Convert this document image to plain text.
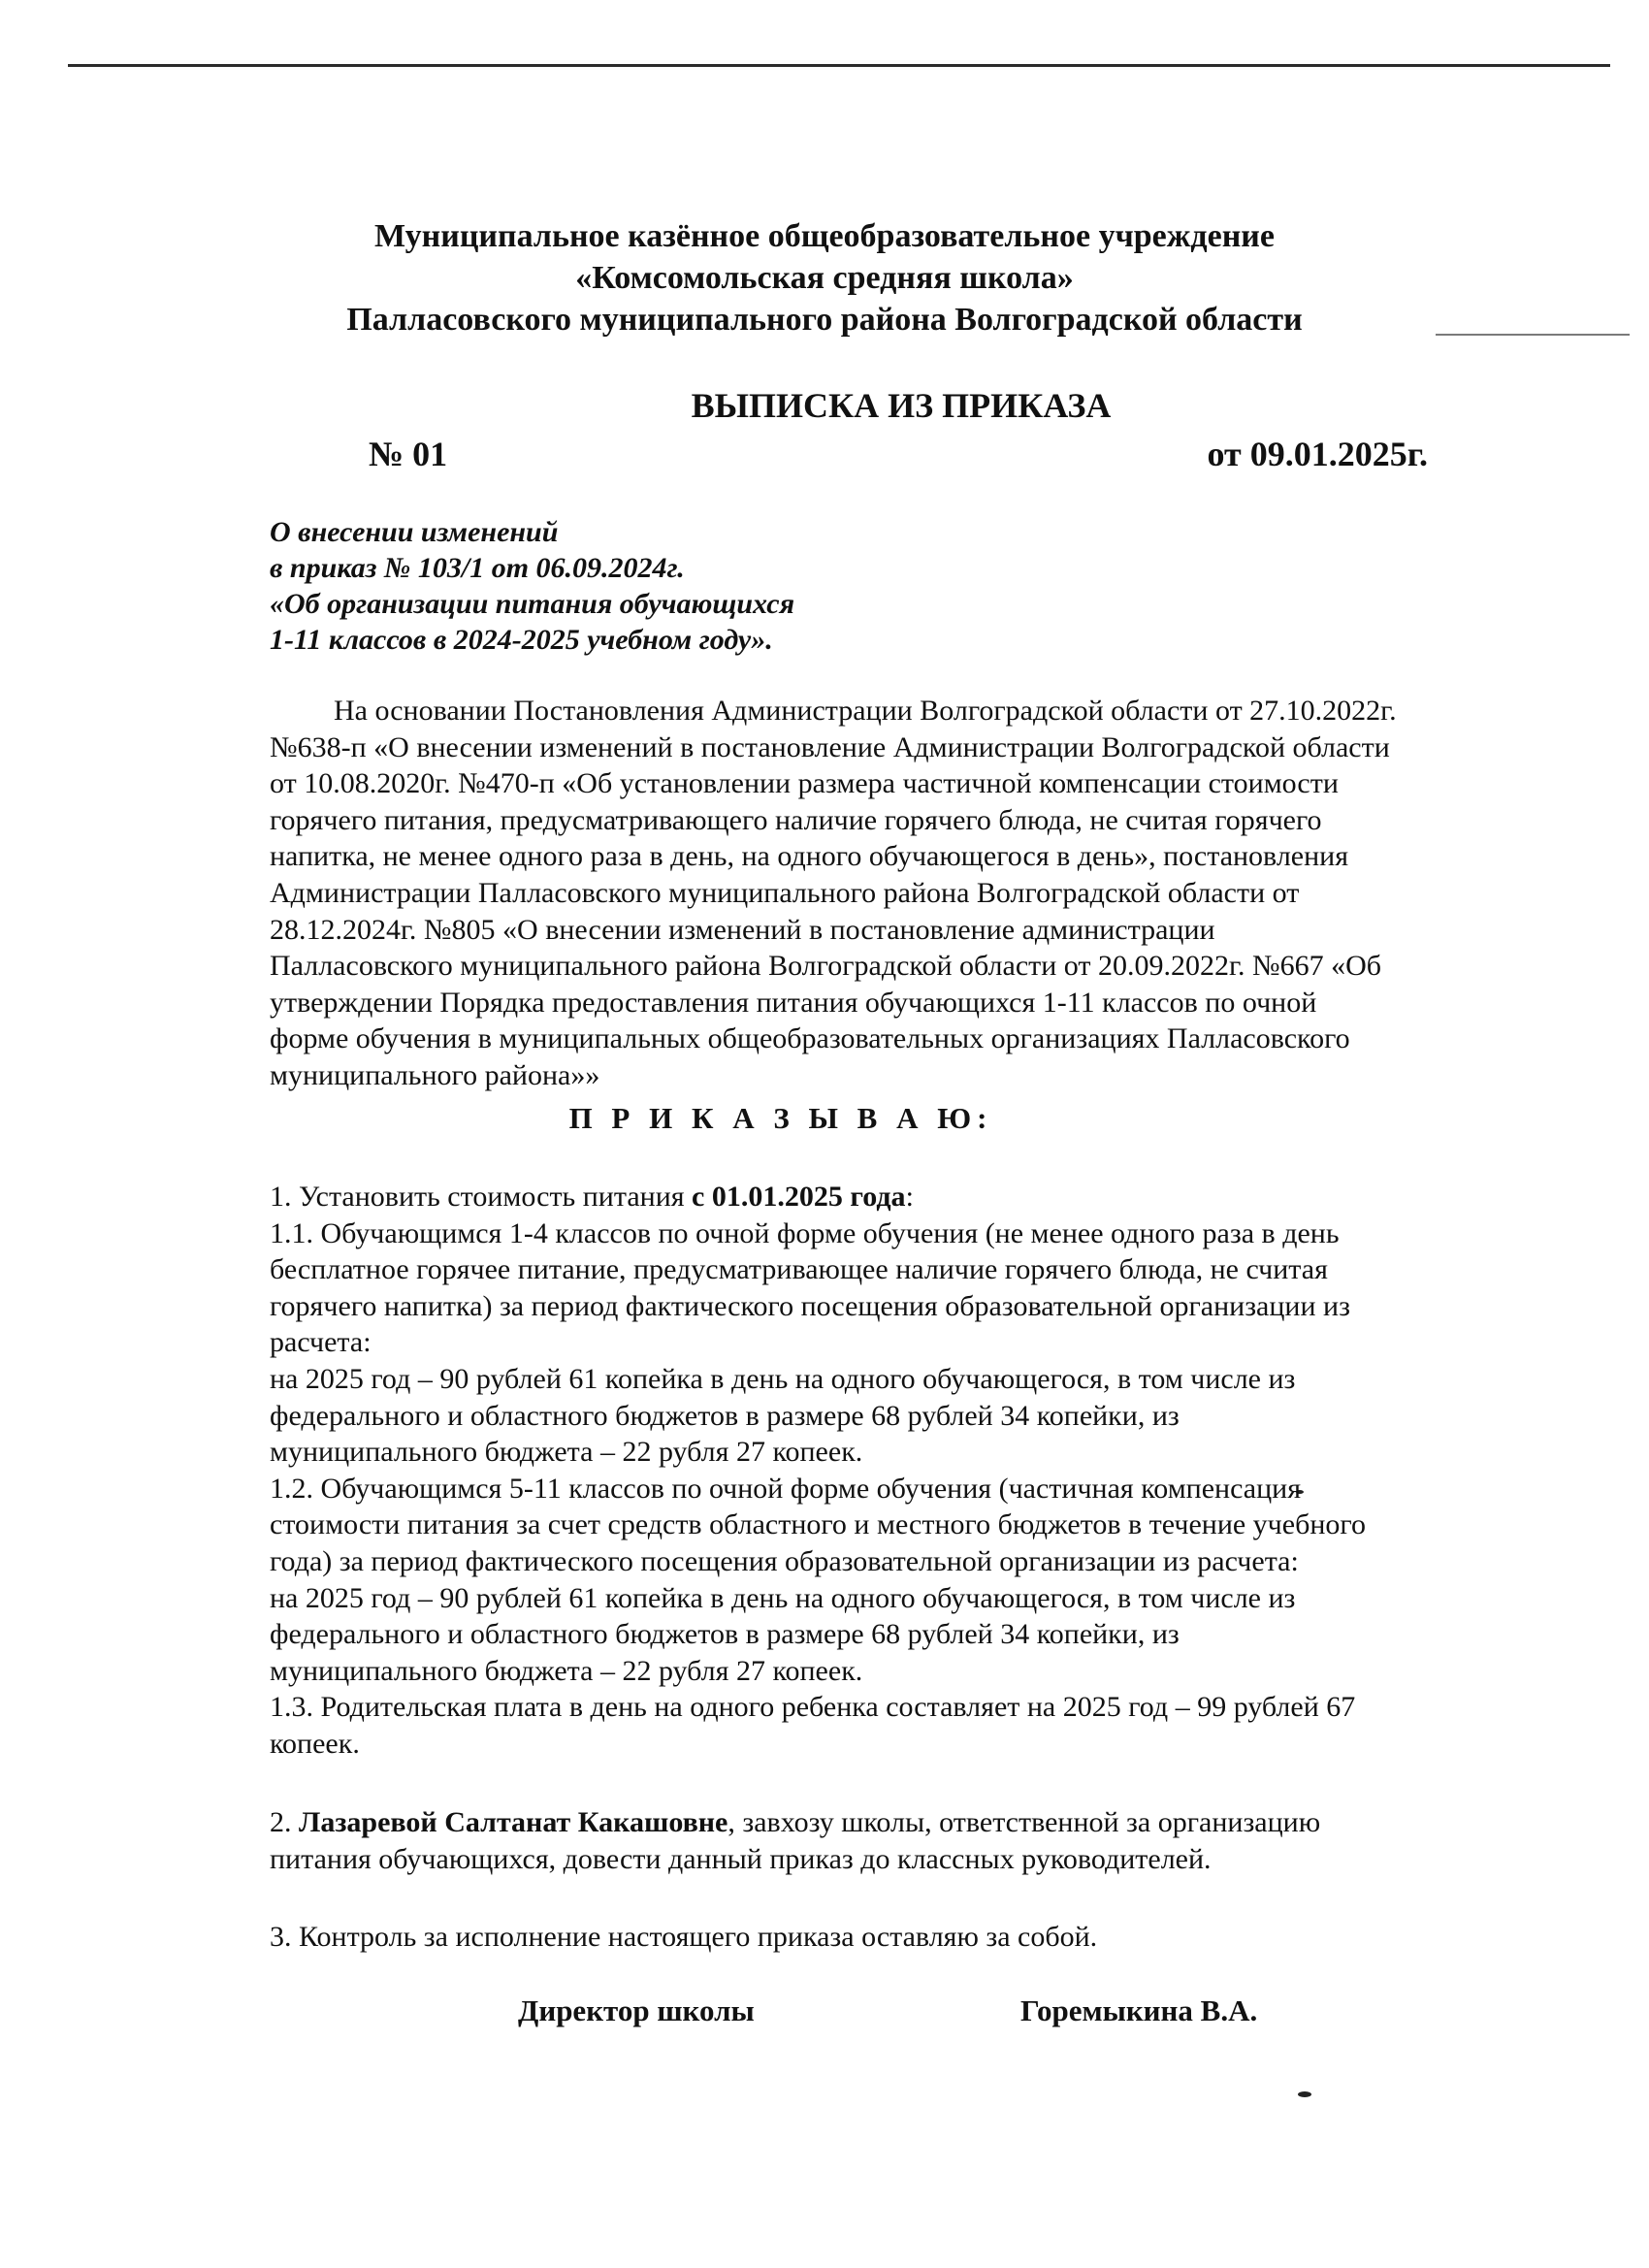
Муниципальное казённое общеобразовательное учреждение
«Комсомольская средняя школа»
Палласовского муниципального района Волгоградской области
ВЫПИСКА ИЗ ПРИКАЗА
№ 01	от 09.01.2025г.
О внесении изменений
в приказ № 103/1 от 06.09.2024г.
«Об организации питания обучающихся
1-11 классов в 2024-2025 учебном году».

На основании Постановления Администрации Волгоградской области от 27.10.2022г.

№638-п «О внесении изменений в постановление Администрации Волгоградской области

от 10.08.2020г. №470-п «Об установлении размера частичной компенсации стоимости

горячего питания, предусматривающего наличие горячего блюда, не считая горячего

напитка, не менее одного раза в день, на одного обучающегося в день», постановления

Администрации Палласовского муниципального района Волгоградской области от

28.12.2024г. №805 «О внесении изменений в постановление администрации

Палласовского муниципального района Волгоградской области от 20.09.2022г. №667 «Об

утверждении Порядка предоставления питания обучающихся 1-11 классов по очной

форме обучения в муниципальных общеобразовательных организациях Палласовского

муниципального района»»

П Р И К А З Ы В А Ю:

1. Установить стоимость питания с 01.01.2025 года:

1.1. Обучающимся 1-4 классов по очной форме обучения (не менее одного раза в день

бесплатное горячее питание, предусматривающее наличие горячего блюда, не считая

горячего напитка) за период фактического посещения образовательной организации из

расчета:

на 2025 год – 90 рублей 61 копейка в день на одного обучающегося, в том числе из

федерального и областного бюджетов в размере 68 рублей 34 копейки, из

муниципального бюджета – 22 рубля 27 копеек.

1.2. Обучающимся 5-11 классов по очной форме обучения (частичная компенсация

стоимости питания за счет средств областного и местного бюджетов в течение учебного

года) за период фактического посещения образовательной организации из расчета:

на 2025 год – 90 рублей 61 копейка в день на одного обучающегося, в том числе из

федерального и областного бюджетов в размере 68 рублей 34 копейки, из

муниципального бюджета – 22 рубля 27 копеек.

1.3. Родительская плата в день на одного ребенка составляет на 2025 год – 99 рублей 67

копеек.

2. Лазаревой Салтанат Какашовне, завхозу школы, ответственной за организацию

питания обучающихся, довести данный приказ до классных руководителей.

3. Контроль за исполнение настоящего приказа оставляю за собой.

Директор школы	Горемыкина В.А.
